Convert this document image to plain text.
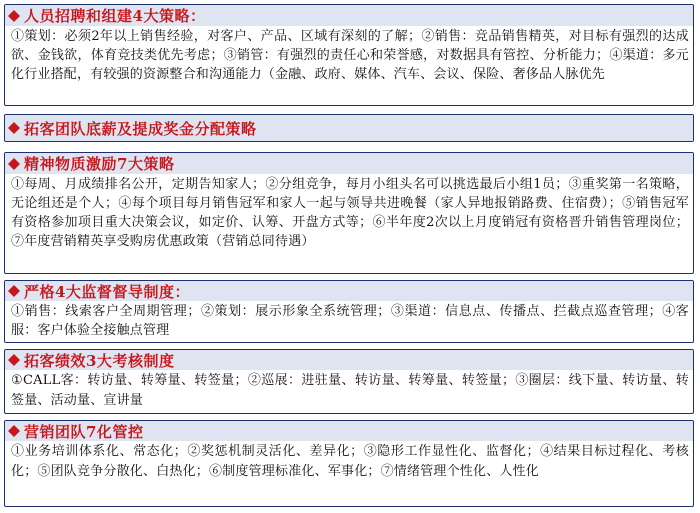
人员招聘和组建4大策略：
①策划：必须2年以上销售经验，对客户、产品、区域有深刻的了解；②销售：竞品销售精英，对目标有强烈的达成欲、金钱欲，体育竞技类优先考虑；③销管：有强烈的责任心和荣誉感，对数据具有管控、分析能力；④渠道：多元化行业搭配，有较强的资源整合和沟通能力（金融、政府、媒体、汽车、会议、保险、奢侈品人脉优先
拓客团队底薪及提成奖金分配策略
精神物质激励7大策略
①每周、月成绩排名公开，定期告知家人；②分组竞争，每月小组头名可以挑选最后小组1员；③重奖第一名策略，无论组还是个人；④每个项目每月销售冠军和家人一起与领导共进晚餐（家人异地报销路费、住宿费）；⑤销售冠军有资格参加项目重大决策会议，如定价、认筹、开盘方式等；⑥半年度2次以上月度销冠有资格晋升销售管理岗位；⑦年度营销精英享受购房优惠政策（营销总同待遇）
严格4大监督督导制度：
①销售：线索客户全周期管理；②策划：展示形象全系统管理；③渠道：信息点、传播点、拦截点巡查管理；④客服：客户体验全接触点管理
拓客绩效3大考核制度
①CALL客：转访量、转筹量、转签量；②巡展：进驻量、转访量、转筹量、转签量；③圈层：线下量、转访量、转签量、活动量、宣讲量
营销团队7化管控
①业务培训体系化、常态化；②奖惩机制灵活化、差异化；③隐形工作显性化、监督化；④结果目标过程化、考核化；⑤团队竞争分散化、白热化；⑥制度管理标准化、军事化；⑦情绪管理个性化、人性化
